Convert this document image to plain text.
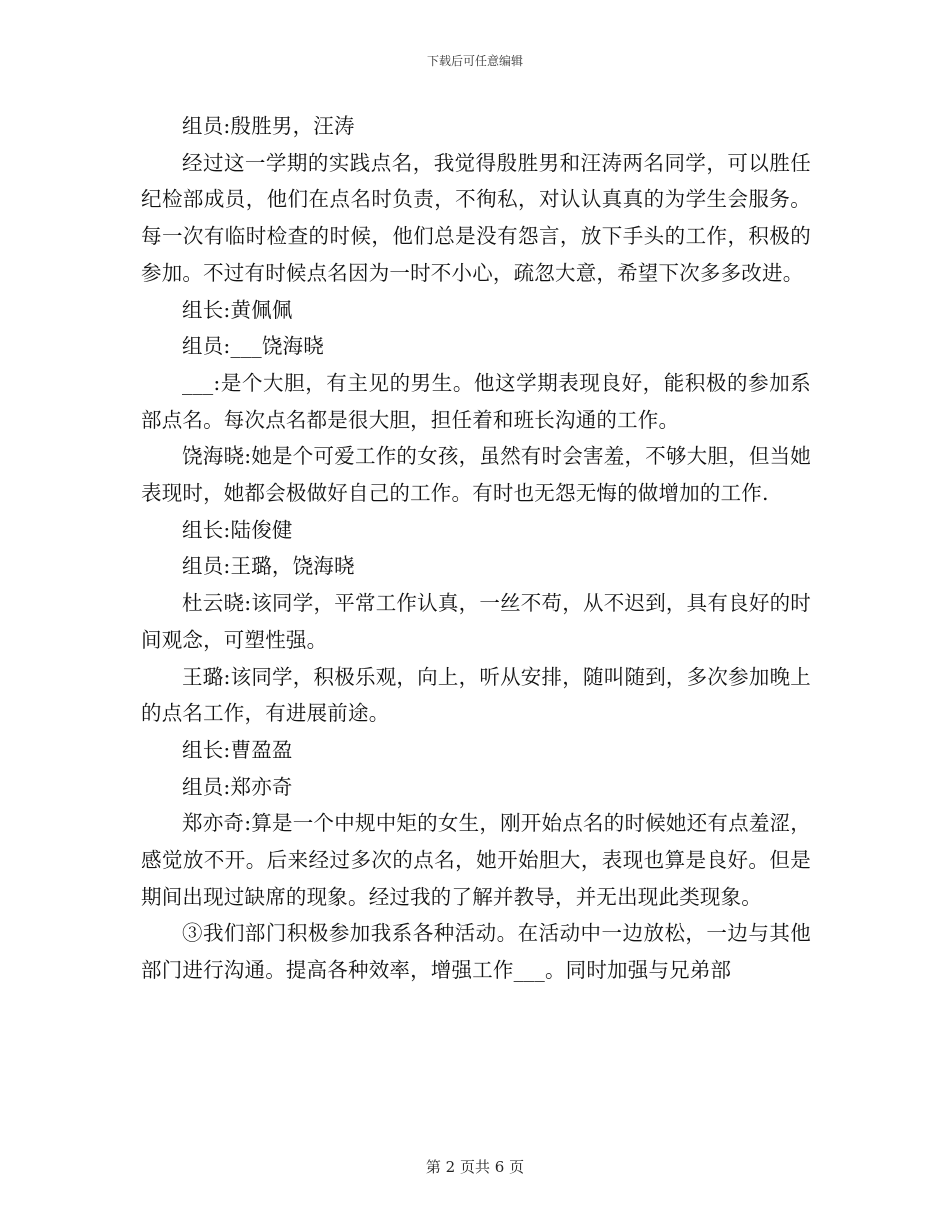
下载后可任意编辑

组员:殷胜男，汪涛

经过这一学期的实践点名，我觉得殷胜男和汪涛两名同学，可以胜任纪检部成员，他们在点名时负责，不徇私，对认认真真的为学生会服务。每一次有临时检查的时候，他们总是没有怨言，放下手头的工作，积极的参加。不过有时候点名因为一时不小心，疏忽大意，希望下次多多改进。

组长:黄佩佩

组员:___饶海晓

___:是个大胆，有主见的男生。他这学期表现良好，能积极的参加系部点名。每次点名都是很大胆，担任着和班长沟通的工作。

饶海晓:她是个可爱工作的女孩，虽然有时会害羞，不够大胆，但当她表现时，她都会极做好自己的工作。有时也无怨无悔的做增加的工作.

组长:陆俊健

组员:王璐，饶海晓

杜云晓:该同学，平常工作认真，一丝不苟，从不迟到，具有良好的时间观念，可塑性强。

王璐:该同学，积极乐观，向上，听从安排，随叫随到，多次参加晚上的点名工作，有进展前途。

组长:曹盈盈

组员:郑亦奇

郑亦奇:算是一个中规中矩的女生，刚开始点名的时候她还有点羞涩，感觉放不开。后来经过多次的点名，她开始胆大，表现也算是良好。但是期间出现过缺席的现象。经过我的了解并教导，并无出现此类现象。

③我们部门积极参加我系各种活动。在活动中一边放松，一边与其他部门进行沟通。提高各种效率，增强工作___。同时加强与兄弟部

第 2 页共 6 页
